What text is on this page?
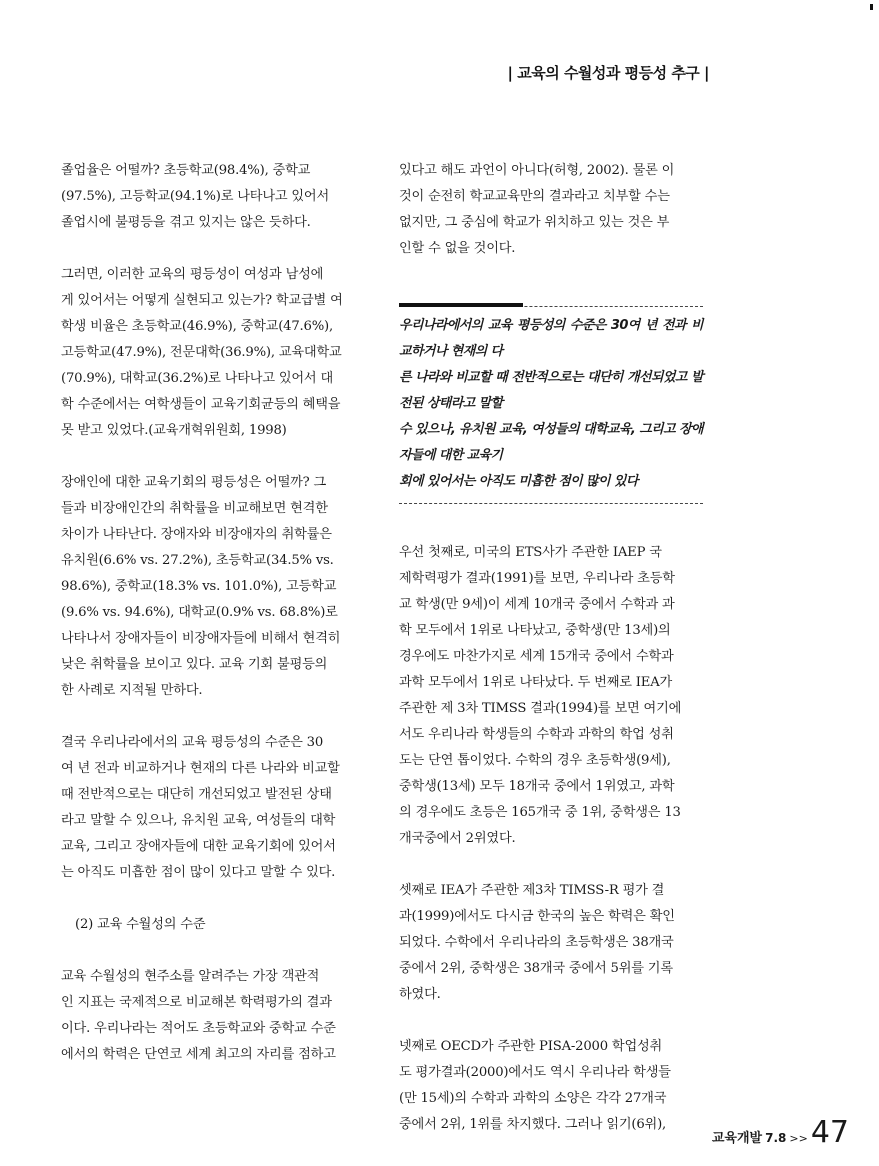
| 교육의 수월성과 평등성 추구 |

졸업율은 어떨까? 초등학교(98.4%), 중학교
(97.5%), 고등학교(94.1%)로 나타나고 있어서
졸업시에 불평등을 겪고 있지는 않은 듯하다.

그러면, 이러한 교육의 평등성이 여성과 남성에
게 있어서는 어떻게 실현되고 있는가? 학교급별 여
학생 비율은 초등학교(46.9%), 중학교(47.6%),
고등학교(47.9%), 전문대학(36.9%), 교육대학교
(70.9%), 대학교(36.2%)로 나타나고 있어서 대
학 수준에서는 여학생들이 교육기회균등의 혜택을
못 받고 있었다.(교육개혁위원회, 1998)

장애인에 대한 교육기회의 평등성은 어떨까? 그
들과 비장애인간의 취학률을 비교해보면 현격한
차이가 나타난다. 장애자와 비장애자의 취학률은
유치원(6.6% vs. 27.2%), 초등학교(34.5% vs.
98.6%), 중학교(18.3% vs. 101.0%), 고등학교
(9.6% vs. 94.6%), 대학교(0.9% vs. 68.8%)로
나타나서 장애자들이 비장애자들에 비해서 현격히
낮은 취학률을 보이고 있다. 교육 기회 불평등의
한 사례로 지적될 만하다.

결국 우리나라에서의 교육 평등성의 수준은 30
여 년 전과 비교하거나 현재의 다른 나라와 비교할
때 전반적으로는 대단히 개선되었고 발전된 상태
라고 말할 수 있으나, 유치원 교육, 여성들의 대학
교육, 그리고 장애자들에 대한 교육기회에 있어서
는 아직도 미흡한 점이 많이 있다고 말할 수 있다.

(2) 교육 수월성의 수준

교육 수월성의 현주소를 알려주는 가장 객관적
인 지표는 국제적으로 비교해본 학력평가의 결과
이다. 우리나라는 적어도 초등학교와 중학교 수준
에서의 학력은 단연코 세계 최고의 자리를 점하고

있다고 해도 과언이 아니다(허형, 2002). 물론 이
것이 순전히 학교교육만의 결과라고 치부할 수는
없지만, 그 중심에 학교가 위치하고 있는 것은 부
인할 수 없을 것이다.

우리나라에서의 교육 평등성의 수준은 30여 년 전과 비교하거나 현재의 다
른 나라와 비교할 때 전반적으로는 대단히 개선되었고 발전된 상태라고 말할
수 있으나, 유치원 교육, 여성들의 대학교육, 그리고 장애자들에 대한 교육기
회에 있어서는 아직도 미흡한 점이 많이 있다

우선 첫째로, 미국의 ETS사가 주관한 IAEP 국
제학력평가 결과(1991)를 보면, 우리나라 초등학
교 학생(만 9세)이 세계 10개국 중에서 수학과 과
학 모두에서 1위로 나타났고, 중학생(만 13세)의
경우에도 마찬가지로 세계 15개국 중에서 수학과
과학 모두에서 1위로 나타났다. 두 번째로 IEA가
주관한 제 3차 TIMSS 결과(1994)를 보면 여기에
서도 우리나라 학생들의 수학과 과학의 학업 성취
도는 단연 톱이었다. 수학의 경우 초등학생(9세),
중학생(13세) 모두 18개국 중에서 1위였고, 과학
의 경우에도 초등은 165개국 중 1위, 중학생은 13
개국중에서 2위였다.

셋째로 IEA가 주관한 제3차 TIMSS-R 평가 결
과(1999)에서도 다시금 한국의 높은 학력은 확인
되었다. 수학에서 우리나라의 초등학생은 38개국
중에서 2위, 중학생은 38개국 중에서 5위를 기록
하였다.

넷째로 OECD가 주관한 PISA-2000 학업성취
도 평가결과(2000)에서도 역시 우리나라 학생들
(만 15세)의 수학과 과학의 소양은 각각 27개국
중에서 2위, 1위를 차지했다. 그러나 읽기(6위),

교육개발 7.8 >> 47
